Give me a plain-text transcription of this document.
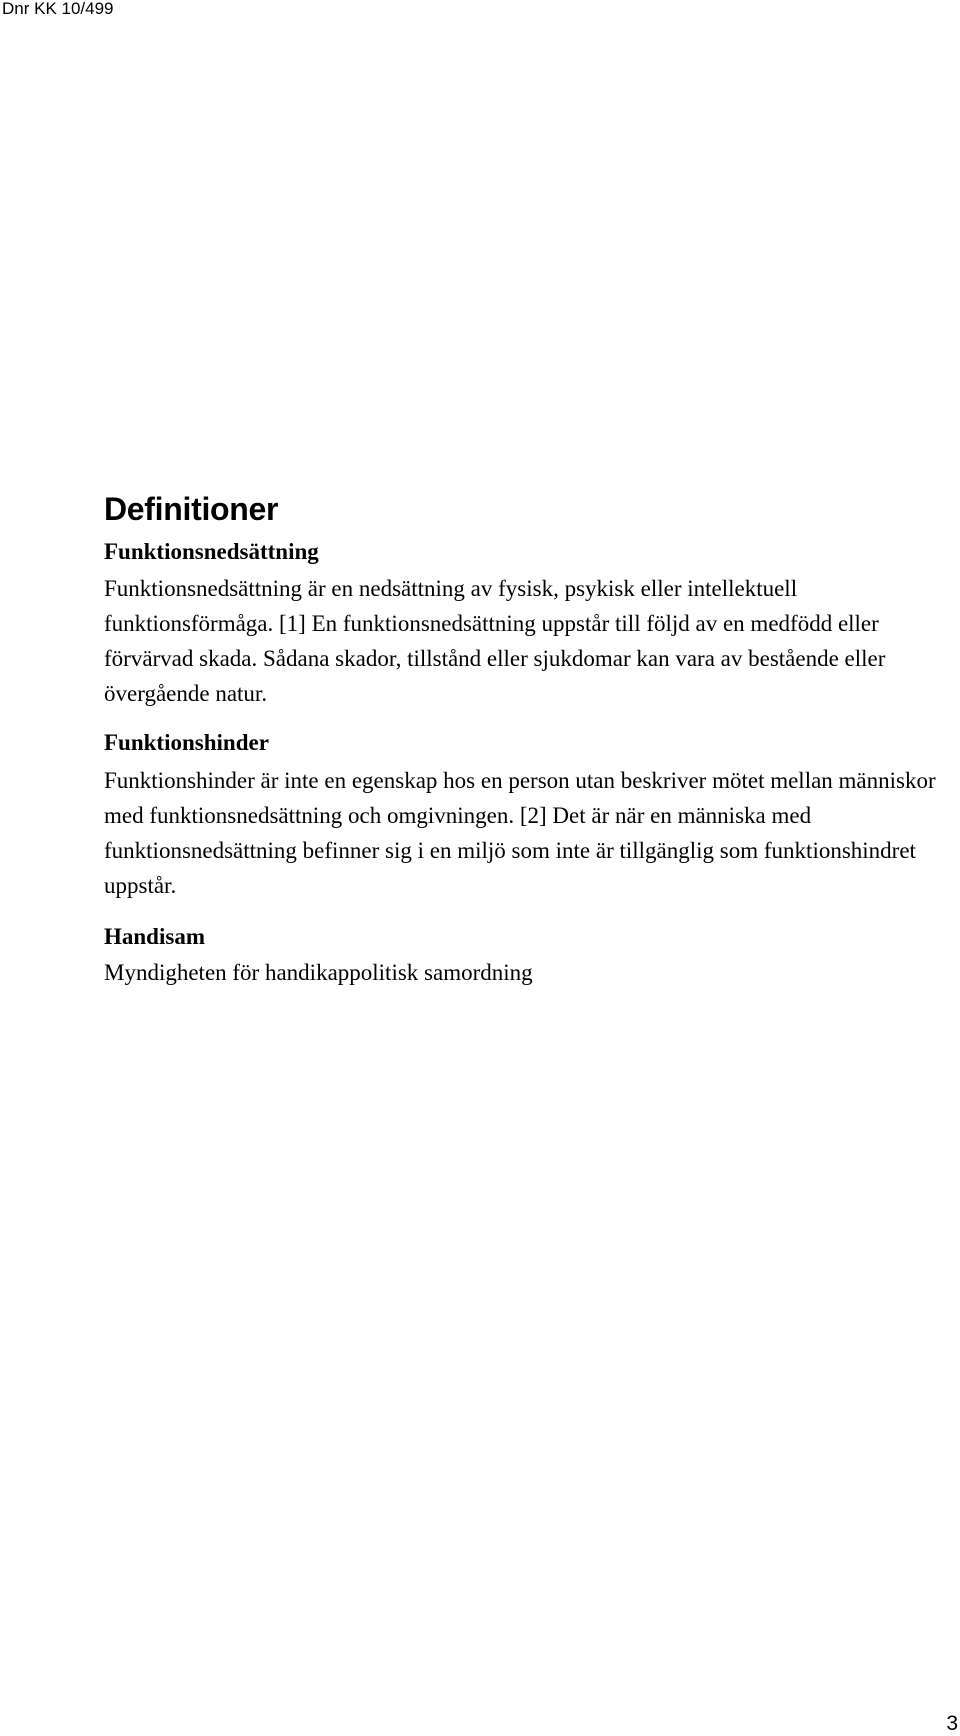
Dnr KK 10/499
Definitioner
Funktionsnedsättning

Funktionsnedsättning är en nedsättning av fysisk, psykisk eller intellektuell funktionsförmåga. [1] En funktionsnedsättning uppstår till följd av en medfödd eller förvärvad skada. Sådana skador, tillstånd eller sjukdomar kan vara av bestående eller övergående natur.

Funktionshinder

Funktionshinder är inte en egenskap hos en person utan beskriver mötet mellan människor med funktionsnedsättning och omgivningen. [2] Det är när en människa med funktionsnedsättning befinner sig i en miljö som inte är tillgänglig som funktionshindret uppstår.

Handisam

Myndigheten för handikappolitisk samordning

3
